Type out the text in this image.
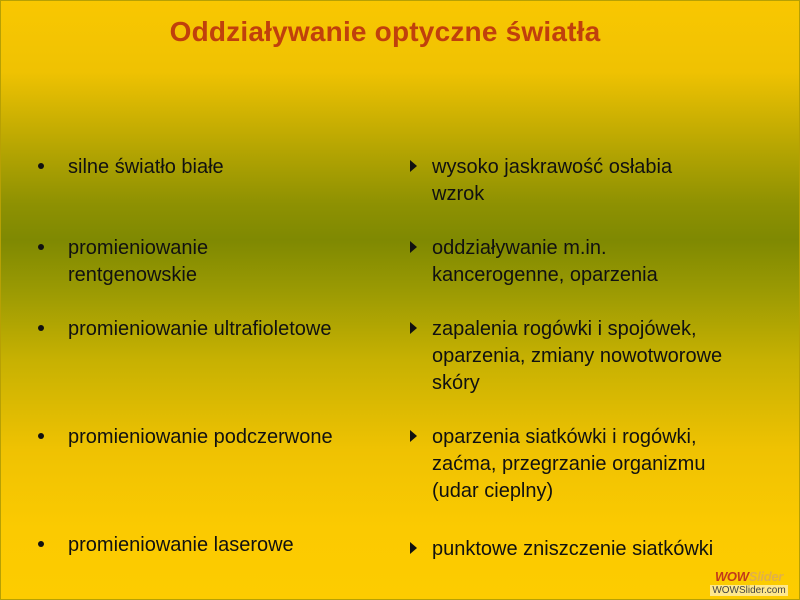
Oddziaływanie optyczne światła
silne światło białe
promieniowanie
rentgenowskie
promieniowanie ultrafioletowe
promieniowanie podczerwone
promieniowanie laserowe
wysoko jaskrawość osłabia
wzrok
oddziaływanie m.in.
kancerogenne, oparzenia
zapalenia rogówki i spojówek,
oparzenia, zmiany nowotworowe
skóry
oparzenia siatkówki i rogówki,
zaćma, przegrzanie organizmu
(udar cieplny)
punktowe zniszczenie siatkówki
WOWSlider
WOWSlider.com
